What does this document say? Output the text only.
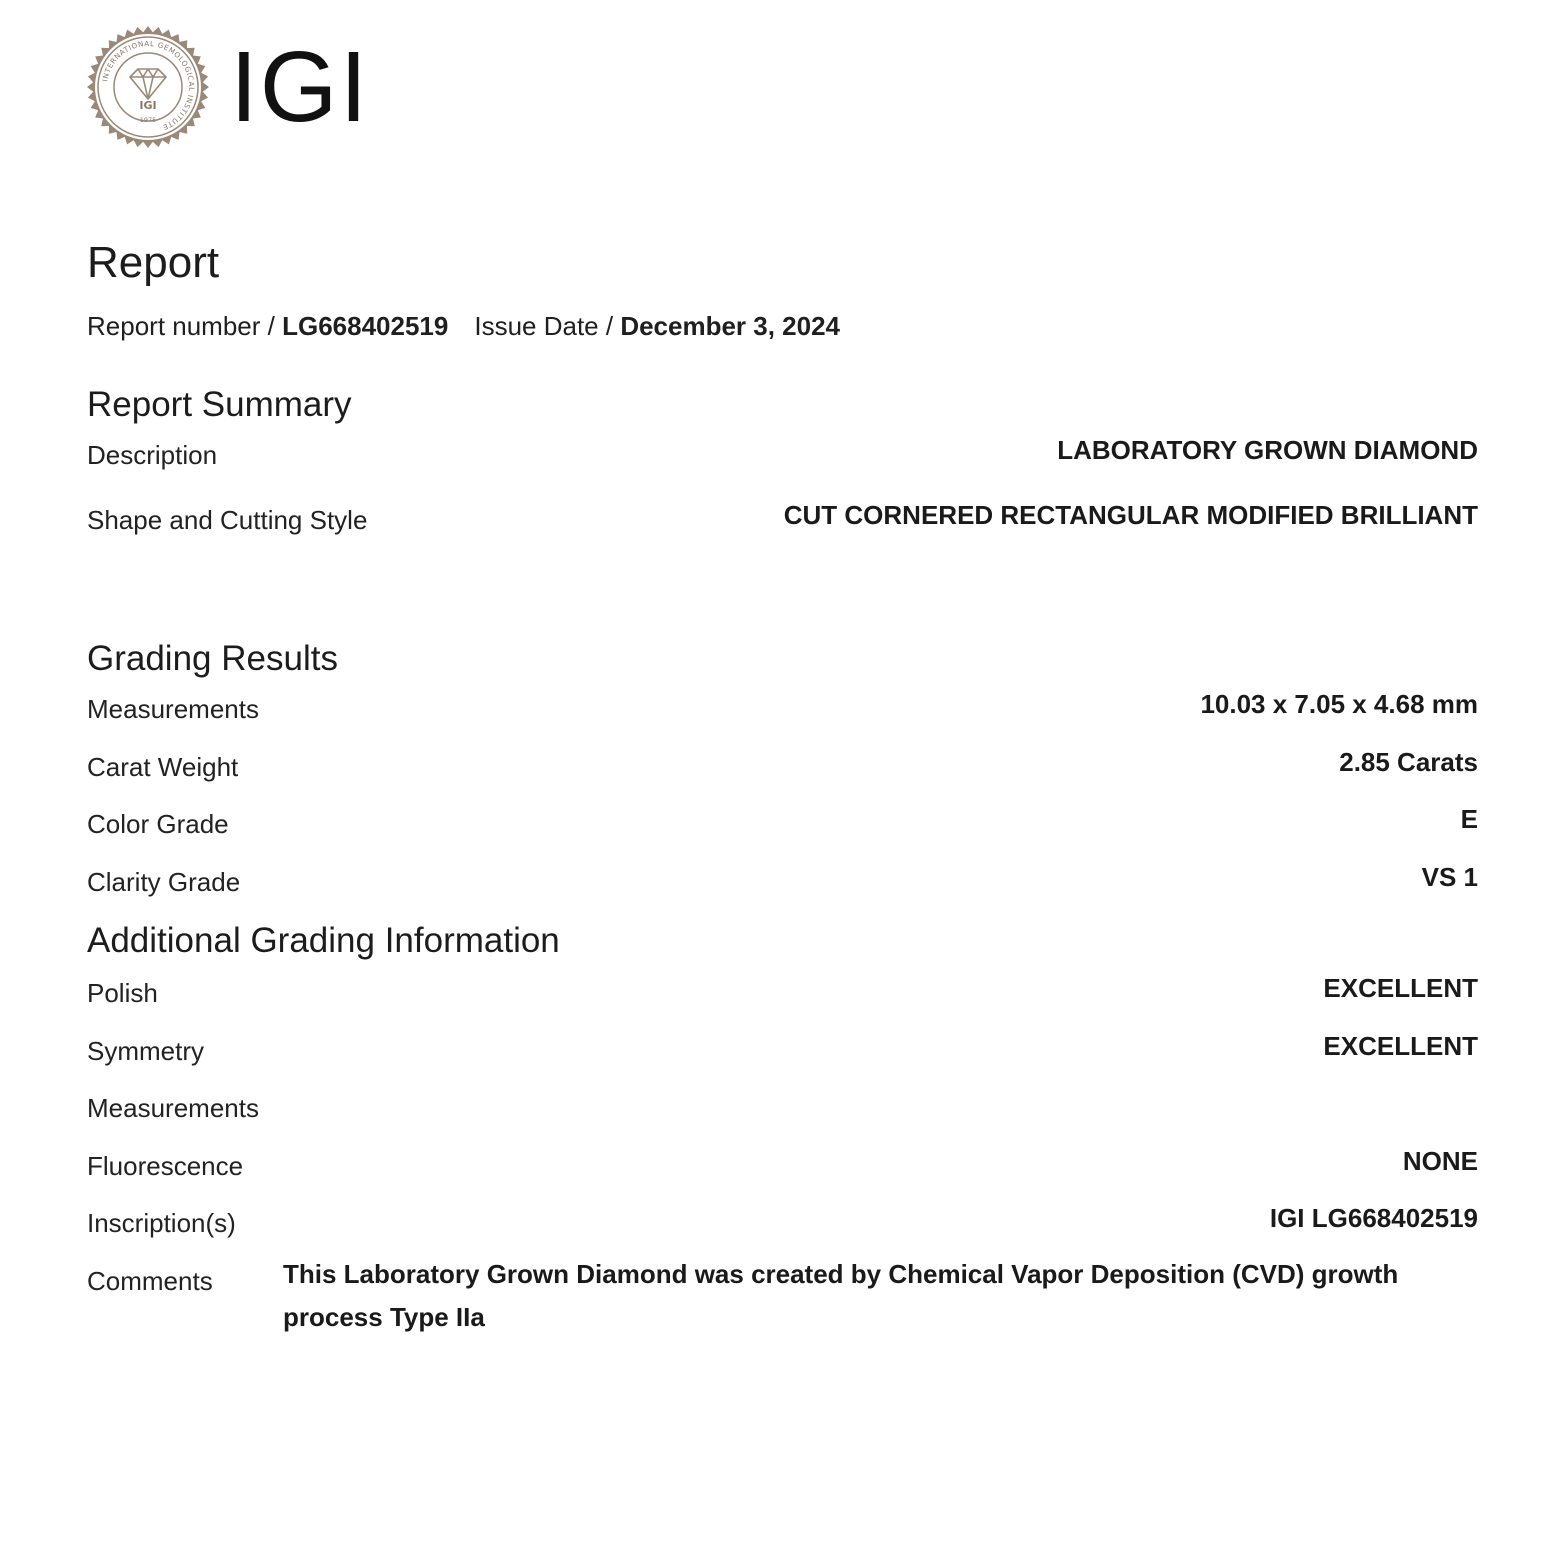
INTERNATIONAL GEMOLOGICAL INSTITUTE
IGI
1975 IGI
Report
Report number / LG668402519 Issue Date / December 3, 2024
Report Summary
Description	LABORATORY GROWN DIAMOND
Shape and Cutting Style	CUT CORNERED RECTANGULAR MODIFIED BRILLIANT
Grading Results
Measurements	10.03 x 7.05 x 4.68 mm
Carat Weight	2.85 Carats
Color Grade	E
Clarity Grade	VS 1
Additional Grading Information
Polish	EXCELLENT
Symmetry	EXCELLENT
Measurements
Fluorescence	NONE
Inscription(s)	IGI LG668402519
Comments	This Laboratory Grown Diamond was created by Chemical Vapor Deposition (CVD) growth process Type IIa
